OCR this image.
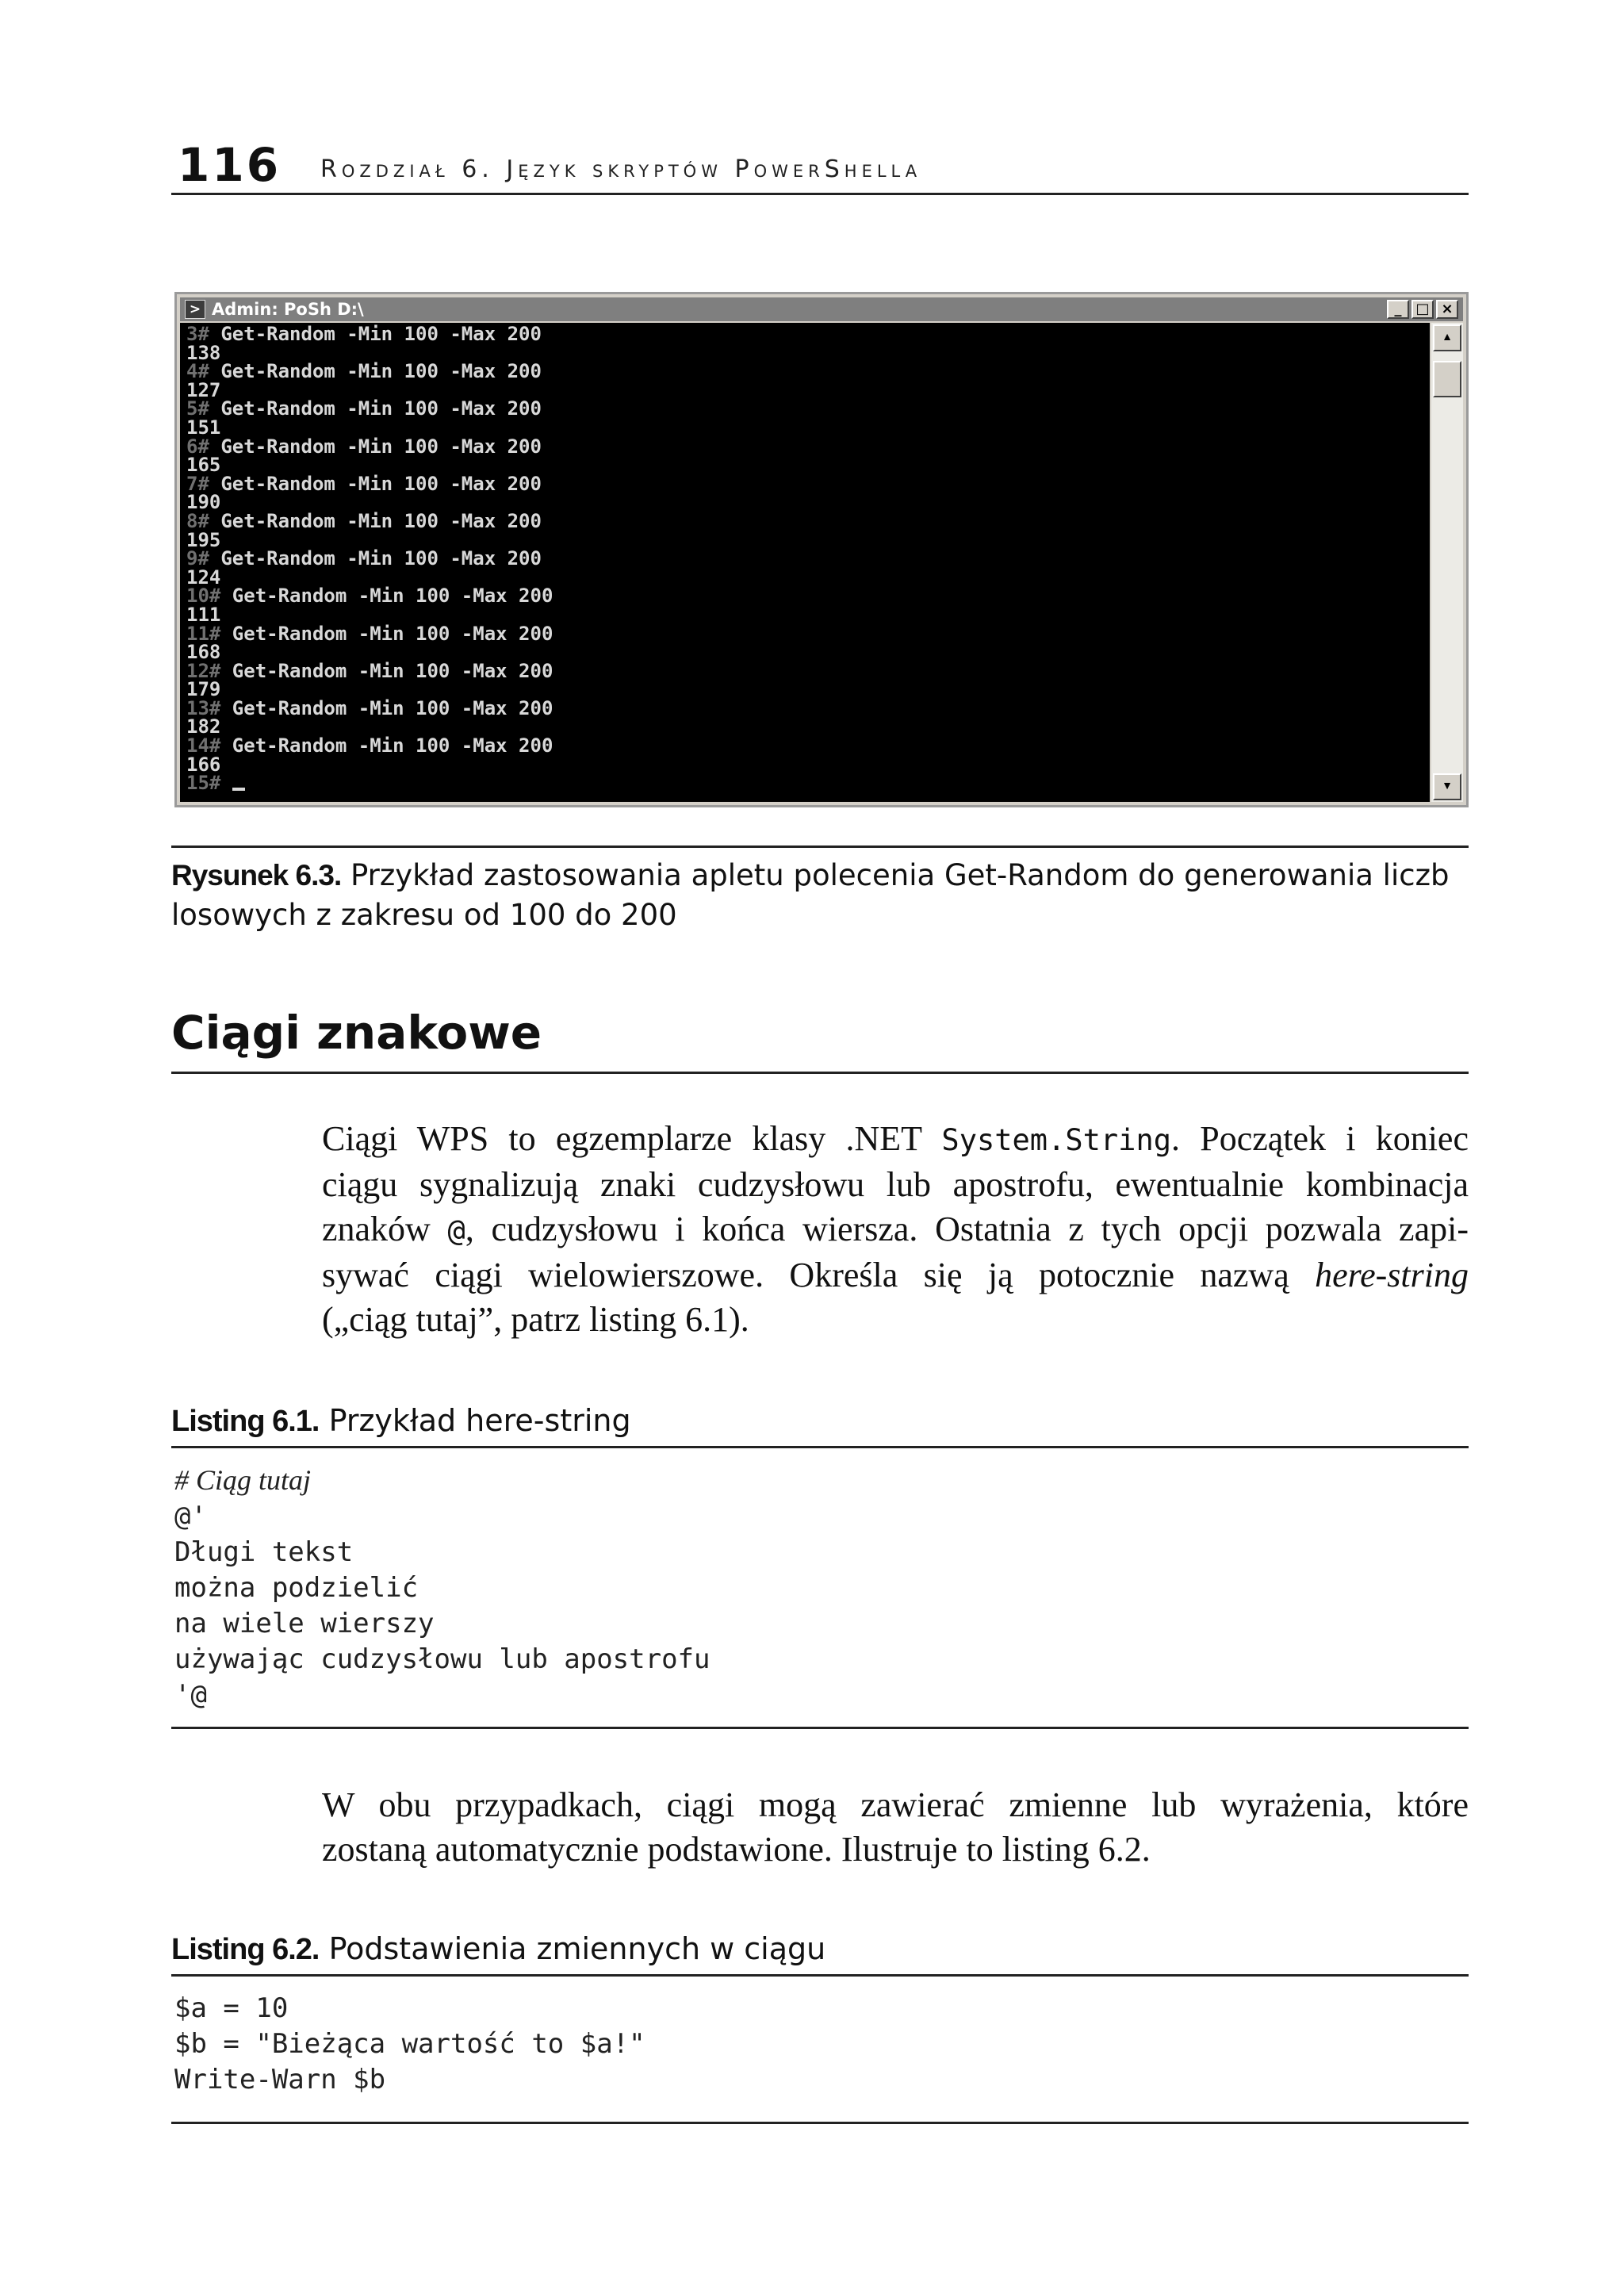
116 Rozdział 6. Język skryptów PowerShella
> Admin: PoSh D:\	_ □ ×
3# Get-Random -Min 100 -Max 200
138
4# Get-Random -Min 100 -Max 200
127
5# Get-Random -Min 100 -Max 200
151
6# Get-Random -Min 100 -Max 200
165
7# Get-Random -Min 100 -Max 200
190
8# Get-Random -Min 100 -Max 200
195
9# Get-Random -Min 100 -Max 200
124
10# Get-Random -Min 100 -Max 200
111
11# Get-Random -Min 100 -Max 200
168
12# Get-Random -Min 100 -Max 200
179
13# Get-Random -Min 100 -Max 200
182
14# Get-Random -Min 100 -Max 200
166
15#
▲
▼
Rysunek 6.3. Przykład zastosowania apletu polecenia Get-Random do generowania liczb losowych z zakresu od 100 do 200
Ciągi znakowe
Ciągi WPS to egzemplarze klasy .NET System.String. Początek i koniec
ciągu sygnalizują znaki cudzysłowu lub apostrofu, ewentualnie kombinacja
znaków @, cudzysłowu i końca wiersza. Ostatnia z tych opcji pozwala zapi-
sywać ciągi wielowierszowe. Określa się ją potocznie nazwą here-string
(„ciąg tutaj”, patrz listing 6.1).
Listing 6.1. Przykład here-string
# Ciąg tutaj
@'
Długi tekst
można podzielić
na wiele wierszy
używając cudzysłowu lub apostrofu
'@
W obu przypadkach, ciągi mogą zawierać zmienne lub wyrażenia, które
zostaną automatycznie podstawione. Ilustruje to listing 6.2.
Listing 6.2. Podstawienia zmiennych w ciągu
$a = 10
$b = "Bieżąca wartość to $a!"
Write-Warn $b
